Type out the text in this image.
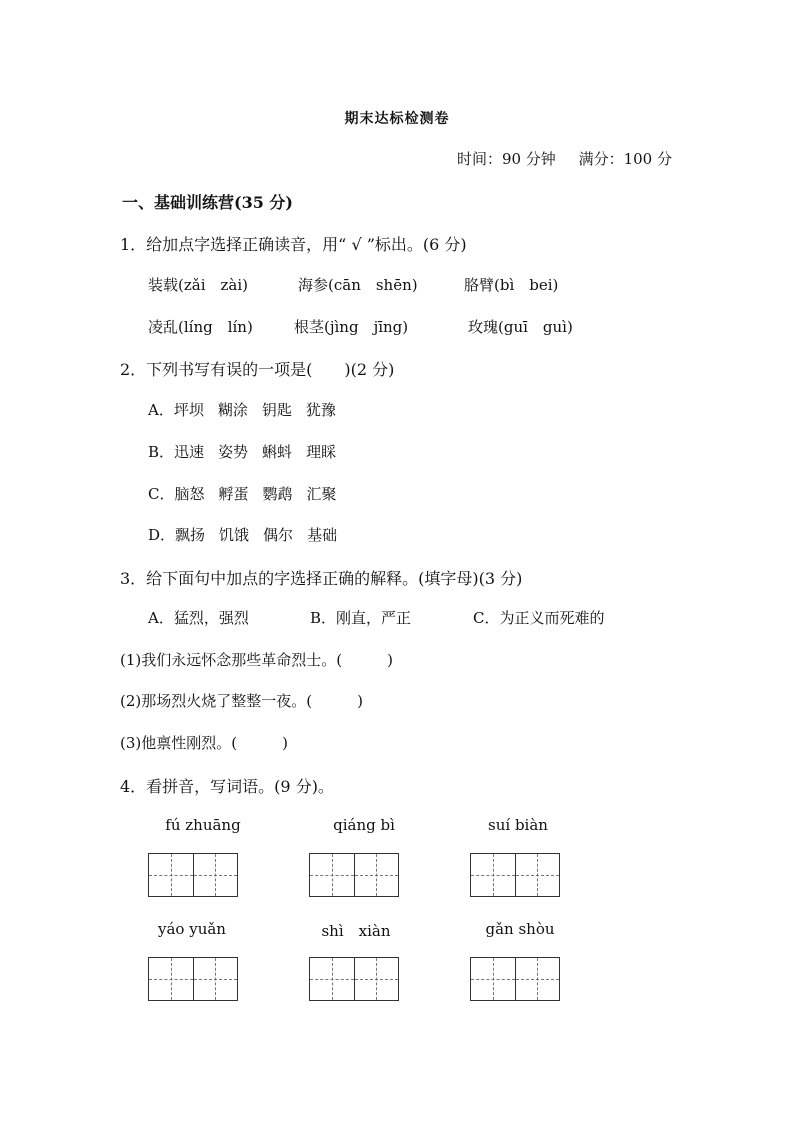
期末达标检测卷
时间：90 分钟 满分：100 分
一、基础训练营(35 分)
1．给加点字选择正确读音，用“ √ ”标出。(6 分)
装载(zǎi　zài)	海参(cān　shēn)	胳臂(bì　bei)
凌乱(líng　lín)	根茎(jìng　jīng)	玫瑰(guī　guì)
2．下列书写有误的一项是(　　)(2 分)
A．坪坝 糊涂 钥匙 犹豫
B．迅速 姿势 蝌蚪 理睬
C．脑怒 孵蛋 鹦鹉 汇聚
D．飘扬 饥饿 偶尔 基础
3．给下面句中加点的字选择正确的解释。(填字母)(3 分)
A．猛烈，强烈	B．刚直，严正	C．为正义而死难的
(1)我们永远怀念那些革命烈士。(　　　)
(2)那场烈火烧了整整一夜。(　　　)
(3)他禀性刚烈。(　　　)
4．看拼音，写词语。(9 分)。
fú zhuāng	qiáng bì	suí biàn
yáo yuǎn	shì　xiàn	gǎn shòu
